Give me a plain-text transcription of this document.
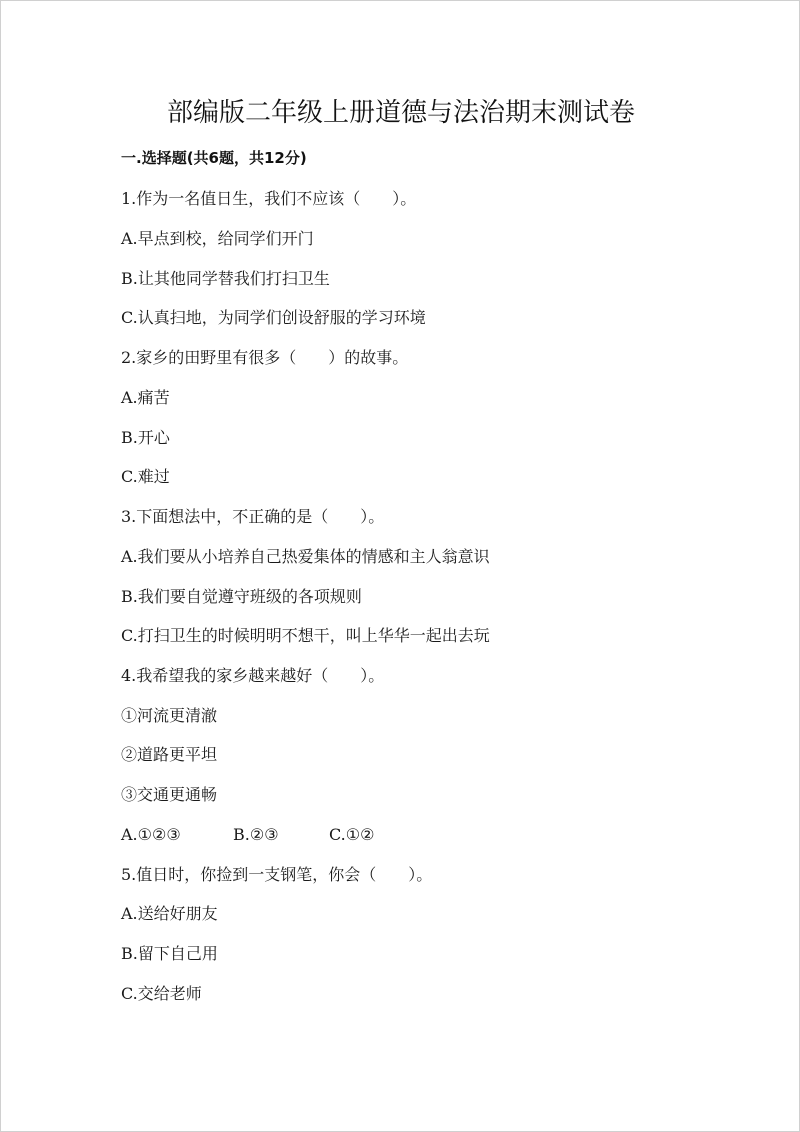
部编版二年级上册道德与法治期末测试卷
一.选择题(共6题，共12分)
1.作为一名值日生，我们不应该（　　）。
A.早点到校，给同学们开门
B.让其他同学替我们打扫卫生
C.认真扫地，为同学们创设舒服的学习环境
2.家乡的田野里有很多（　　）的故事。
A.痛苦
B.开心
C.难过
3.下面想法中，不正确的是（　　）。
A.我们要从小培养自己热爱集体的情感和主人翁意识
B.我们要自觉遵守班级的各项规则
C.打扫卫生的时候明明不想干，叫上华华一起出去玩
4.我希望我的家乡越来越好（　　）。
①河流更清澈
②道路更平坦
③交通更通畅
A.①②③	B.②③	C.①②
5.值日时，你捡到一支钢笔，你会（　　）。
A.送给好朋友
B.留下自己用
C.交给老师
